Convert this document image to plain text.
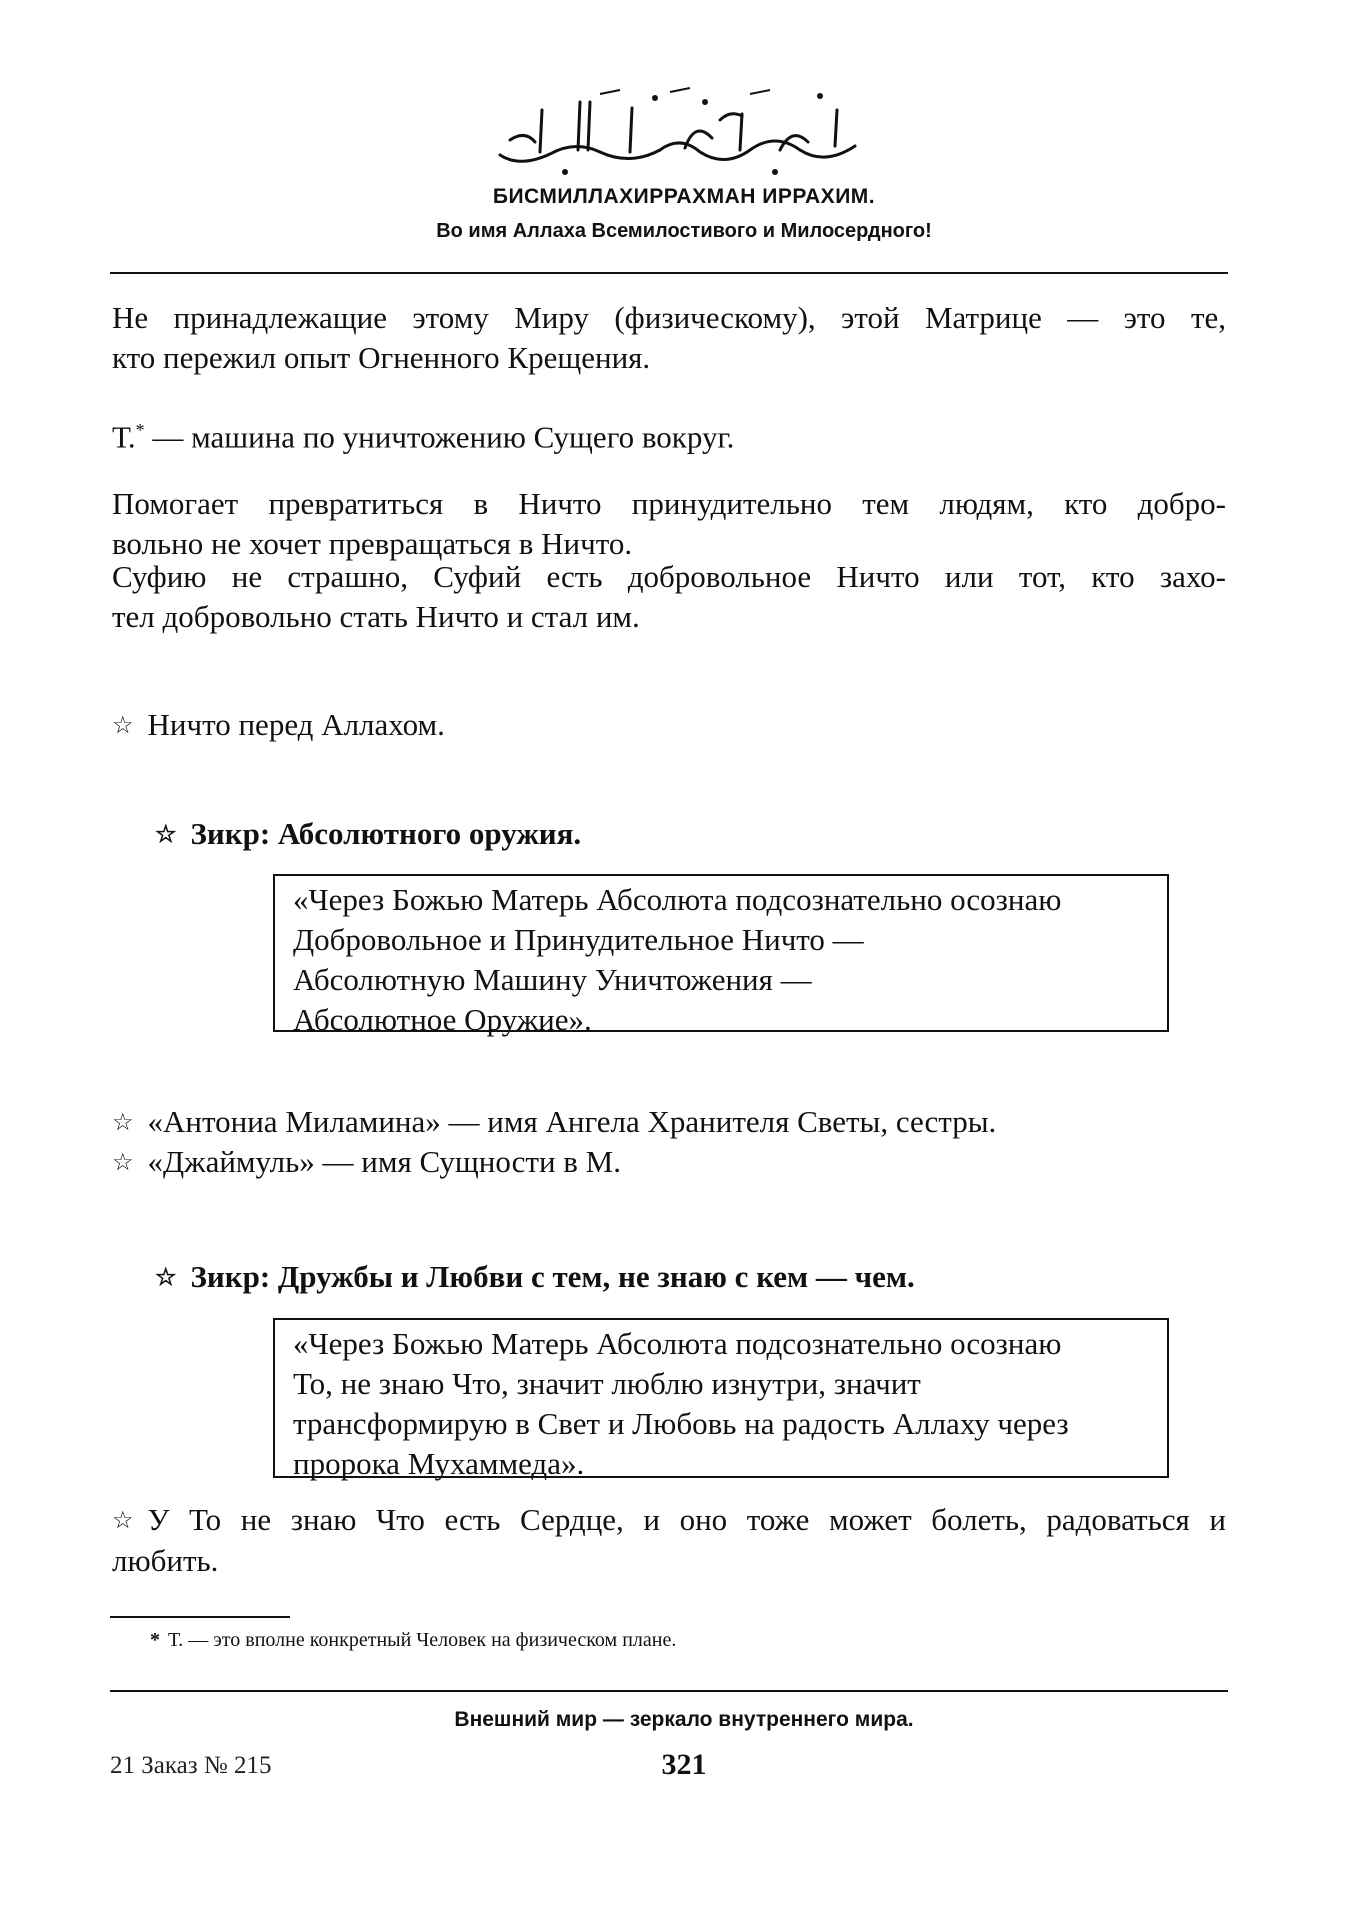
БИСМИЛЛАХИРРАХМАН ИРРАХИМ.
Во имя Аллаха Всемилостивого и Милосердного!
Не принадлежащие этому Миру (физическому), этой Матрице — это те,
кто пережил опыт Огненного Крещения.
Т.* — машина по уничтожению Сущего вокруг.
Помогает превратиться в Ничто принудительно тем людям, кто добро-
вольно не хочет превращаться в Ничто.
Суфию не страшно, Суфий есть добровольное Ничто или тот, кто захо-
тел добровольно стать Ничто и стал им.
☆ Ничто перед Аллахом.
☆ Зикр: Абсолютного оружия.
«Через Божью Матерь Абсолюта подсознательно осознаю
Добровольное и Принудительное Ничто —
Абсолютную Машину Уничтожения —
Абсолютное Оружие».
☆ «Антониа Миламина» — имя Ангела Хранителя Светы, сестры.
☆ «Джаймуль» — имя Сущности в М.
☆ Зикр: Дружбы и Любви с тем, не знаю с кем — чем.
«Через Божью Матерь Абсолюта подсознательно осознаю
То, не знаю Что, значит люблю изнутри, значит
трансформирую в Свет и Любовь на радость Аллаху через
пророка Мухаммеда».
☆ У То не знаю Что есть Сердце, и оно тоже может болеть, радоваться и
любить.
* Т. — это вполне конкретный Человек на физическом плане.
Внешний мир — зеркало внутреннего мира.
21 Заказ № 215	321
